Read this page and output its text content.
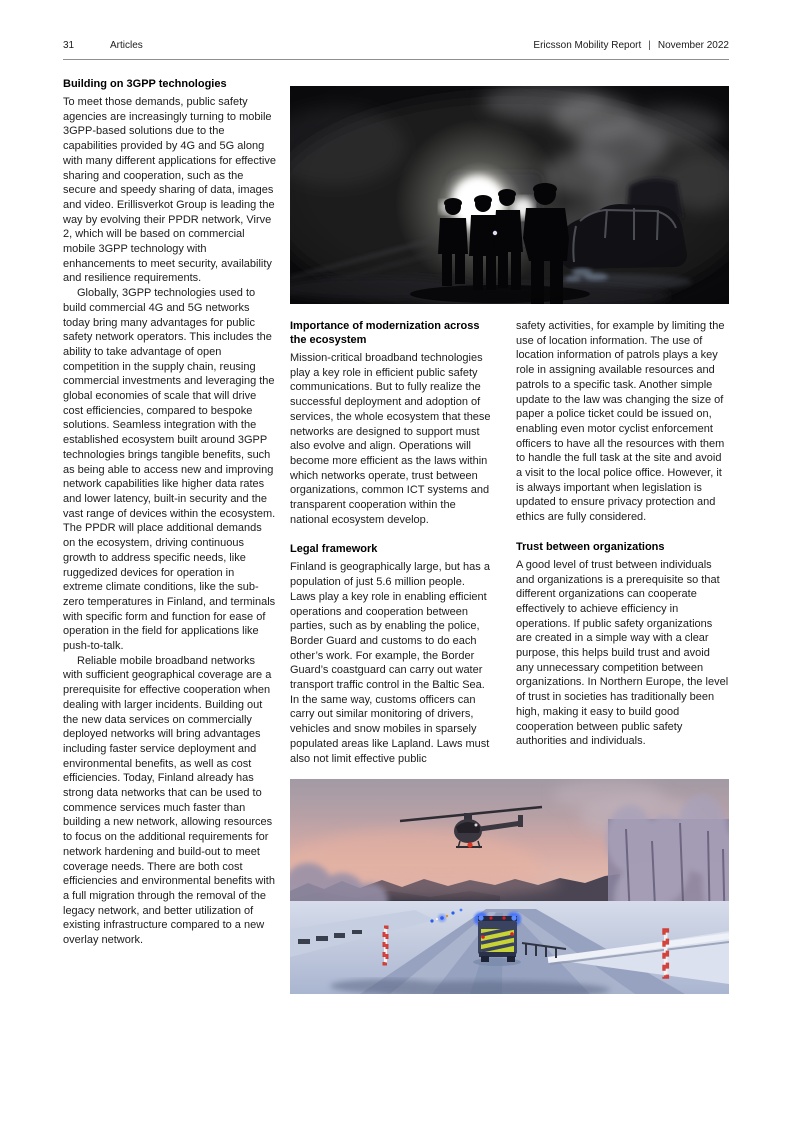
31	Articles	Ericsson Mobility Report | November 2022
Building on 3GPP technologies

To meet those demands, public safety agencies are increasingly turning to mobile 3GPP-based solutions due to the capabilities provided by 4G and 5G along with many different applications for effective sharing and cooperation, such as the secure and speedy sharing of data, images and video. Erillisverkot Group is leading the way by evolving their PPDR network, Virve 2, which will be based on commercial mobile 3GPP technology with enhancements to meet security, availability and resilience requirements.

Globally, 3GPP technologies used to build commercial 4G and 5G networks today bring many advantages for public safety network operators. This includes the ability to take advantage of open competition in the supply chain, reusing commercial investments and leveraging the global economies of scale that will drive cost efficiencies, compared to bespoke solutions. Seamless integration with the established ecosystem built around 3GPP technologies brings tangible benefits, such as being able to access new and improving network capabilities like higher data rates and lower latency, built-in security and the vast range of devices within the ecosystem. The PPDR will place additional demands on the ecosystem, driving continuous growth to address specific needs, like ruggedized devices for operation in extreme climate conditions, like the sub-zero temperatures in Finland, and terminals with specific form and function for ease of operation in the field for applications like push-to-talk.

Reliable mobile broadband networks with sufficient geographical coverage are a prerequisite for effective cooperation when dealing with larger incidents. Building out the new data services on commercially deployed networks will bring advantages including faster service deployment and environmental benefits, as well as cost efficiencies. Today, Finland already has strong data networks that can be used to commence services much faster than building a new network, allowing resources to focus on the additional requirements for network hardening and build-out to meet coverage needs. There are both cost efficiencies and environmental benefits with a full migration through the removal of the legacy network, and better utilization of existing infrastructure compared to a new overlay network.

Importance of modernization across the ecosystem

Mission-critical broadband technologies play a key role in efficient public safety communications. But to fully realize the successful deployment and adoption of services, the whole ecosystem that these networks are designed to support must also evolve and align. Operations will become more efficient as the laws within which networks operate, trust between organizations, common ICT systems and transparent cooperation within the national ecosystem develop.

Legal framework

Finland is geographically large, but has a population of just 5.6 million people. Laws play a key role in enabling efficient operations and cooperation between parties, such as by enabling the police, Border Guard and customs to do each other’s work. For example, the Border Guard’s coastguard can carry out water transport traffic control in the Baltic Sea. In the same way, customs officers can carry out similar monitoring of drivers, vehicles and snow mobiles in sparsely populated areas like Lapland. Laws must also not limit effective public

safety activities, for example by limiting the use of location information. The use of location information of patrols plays a key role in assigning available resources and patrols to a specific task. Another simple update to the law was changing the size of paper a police ticket could be issued on, enabling even motor cyclist enforcement officers to have all the resources with them to handle the full task at the site and avoid a visit to the local police office. However, it is always important when legislation is updated to ensure privacy protection and ethics are fully considered.

Trust between organizations

A good level of trust between individuals and organizations is a prerequisite so that different organizations can cooperate effectively to achieve efficiency in operations. If public safety organizations are created in a simple way with a clear purpose, this helps build trust and avoid any unnecessary competition between organizations. In Northern Europe, the level of trust in societies has traditionally been high, making it easy to build good cooperation between public safety authorities and individuals.
